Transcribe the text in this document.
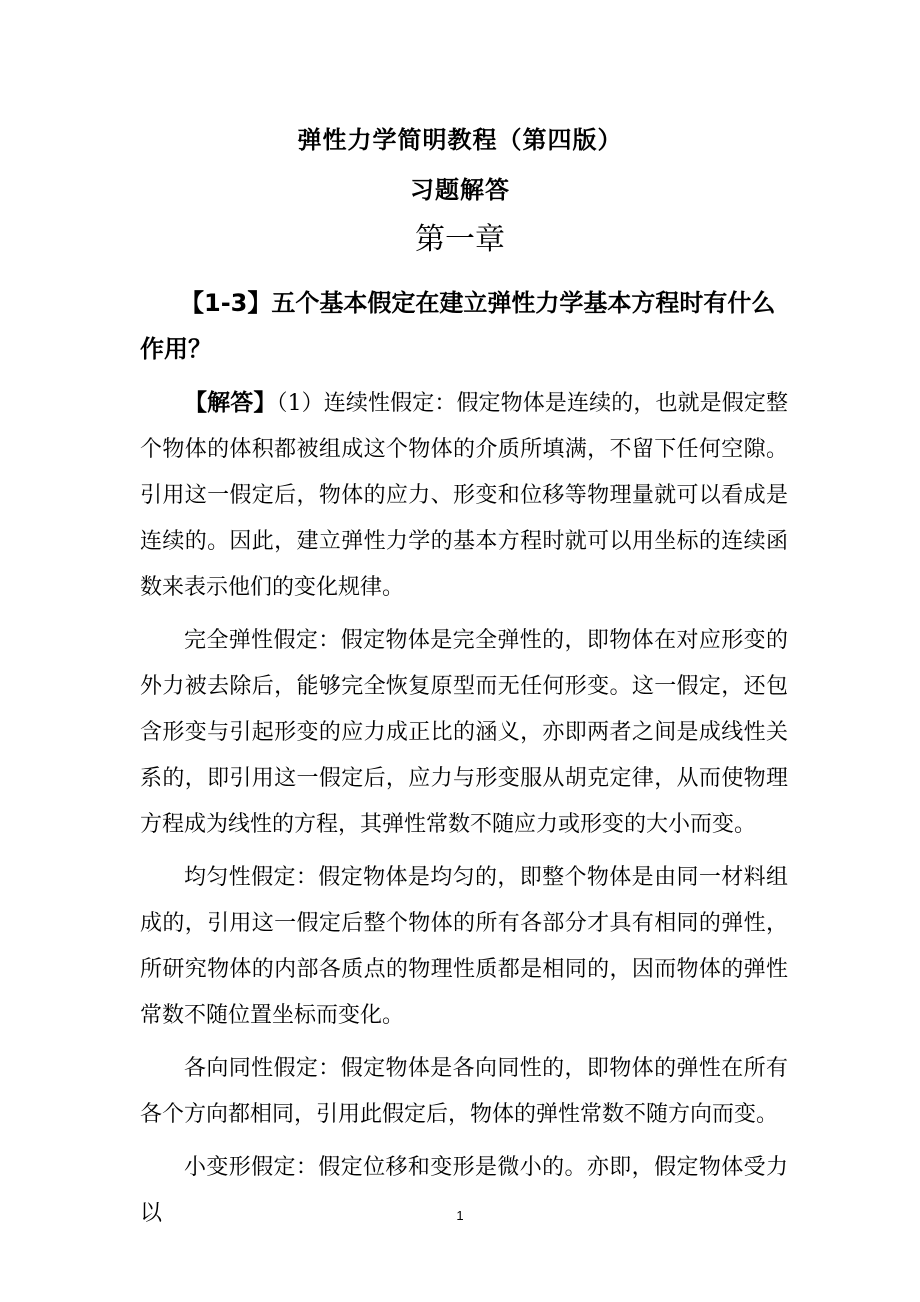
弹性力学简明教程（第四版）
习题解答
第一章
【1-3】五个基本假定在建立弹性力学基本方程时有什么作用？

【解答】（1）连续性假定：假定物体是连续的，也就是假定整个物体的体积都被组成这个物体的介质所填满，不留下任何空隙。引用这一假定后，物体的应力、形变和位移等物理量就可以看成是连续的。因此，建立弹性力学的基本方程时就可以用坐标的连续函数来表示他们的变化规律。

完全弹性假定：假定物体是完全弹性的，即物体在对应形变的外力被去除后，能够完全恢复原型而无任何形变。这一假定，还包含形变与引起形变的应力成正比的涵义，亦即两者之间是成线性关系的，即引用这一假定后，应力与形变服从胡克定律，从而使物理方程成为线性的方程，其弹性常数不随应力或形变的大小而变。

均匀性假定：假定物体是均匀的，即整个物体是由同一材料组成的，引用这一假定后整个物体的所有各部分才具有相同的弹性，所研究物体的内部各质点的物理性质都是相同的，因而物体的弹性常数不随位置坐标而变化。

各向同性假定：假定物体是各向同性的，即物体的弹性在所有各个方向都相同，引用此假定后，物体的弹性常数不随方向而变。

小变形假定：假定位移和变形是微小的。亦即，假定物体受力以	1
